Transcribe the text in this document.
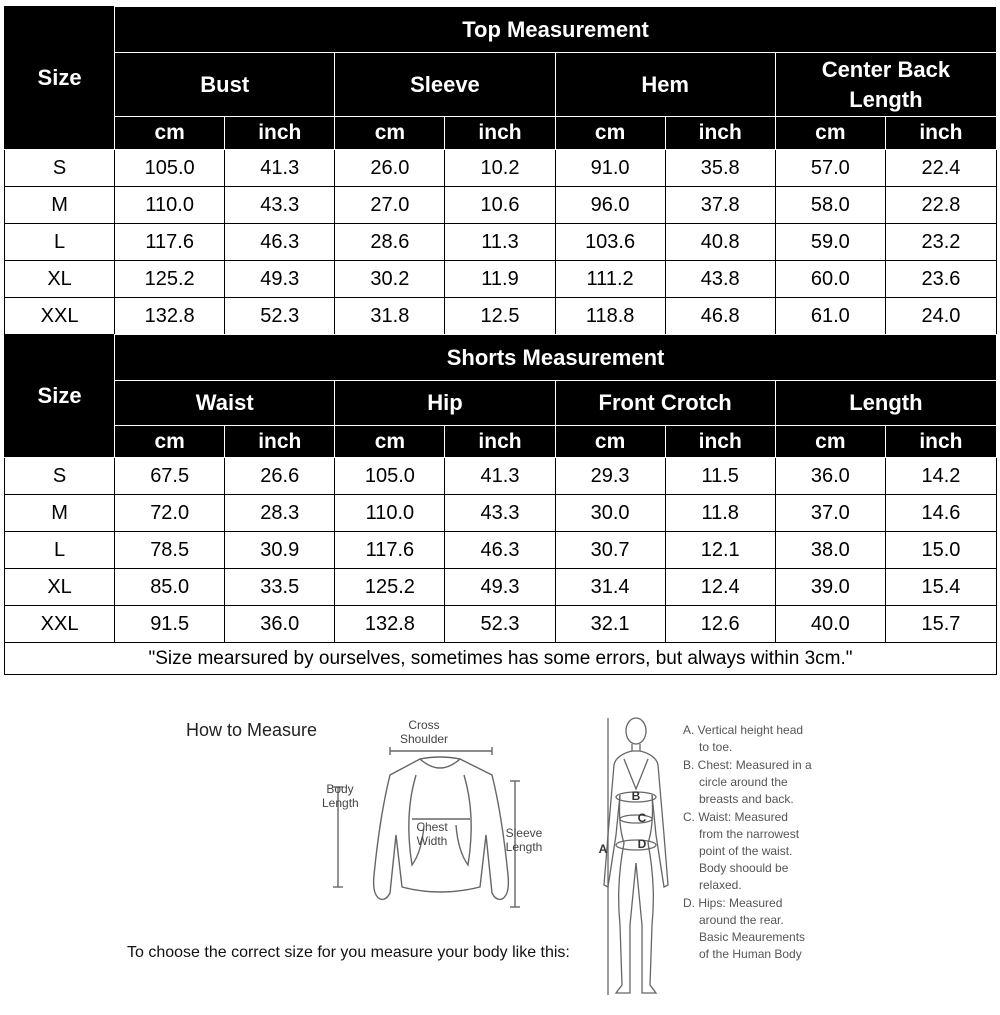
Size	Top Measurement							
	Bust		Sleeve		Hem		Center Back Length	
	cm	inch	cm	inch	cm	inch	cm	inch
S	105.0	41.3	26.0	10.2	91.0	35.8	57.0	22.4
M	110.0	43.3	27.0	10.6	96.0	37.8	58.0	22.8
L	117.6	46.3	28.6	11.3	103.6	40.8	59.0	23.2
XL	125.2	49.3	30.2	11.9	111.2	43.8	60.0	23.6
XXL	132.8	52.3	31.8	12.5	118.8	46.8	61.0	24.0
Size	Shorts Measurement							
	Waist		Hip		Front Crotch		Length	
	cm	inch	cm	inch	cm	inch	cm	inch
S	67.5	26.6	105.0	41.3	29.3	11.5	36.0	14.2
M	72.0	28.3	110.0	43.3	30.0	11.8	37.0	14.6
L	78.5	30.9	117.6	46.3	30.7	12.1	38.0	15.0
XL	85.0	33.5	125.2	49.3	31.4	12.4	39.0	15.4
XXL	91.5	36.0	132.8	52.3	32.1	12.6	40.0	15.7
"Size mearsured by ourselves, sometimes has some errors, but always within 3cm."								
How to Measure	Cross
Shoulder
Body
Length
Chest
Width
Sleeve
Length
To choose the correct size for you measure your body like this:
B
C
D
A
A. Vertical height head
to toe.
B. Chest: Measured in a
circle around the
breasts and back.
C. Waist: Measured
from the narrowest
point of the waist.
Body shoould be
relaxed.
D. Hips: Measured
around the rear.
Basic Meaurements
of the Human Body
